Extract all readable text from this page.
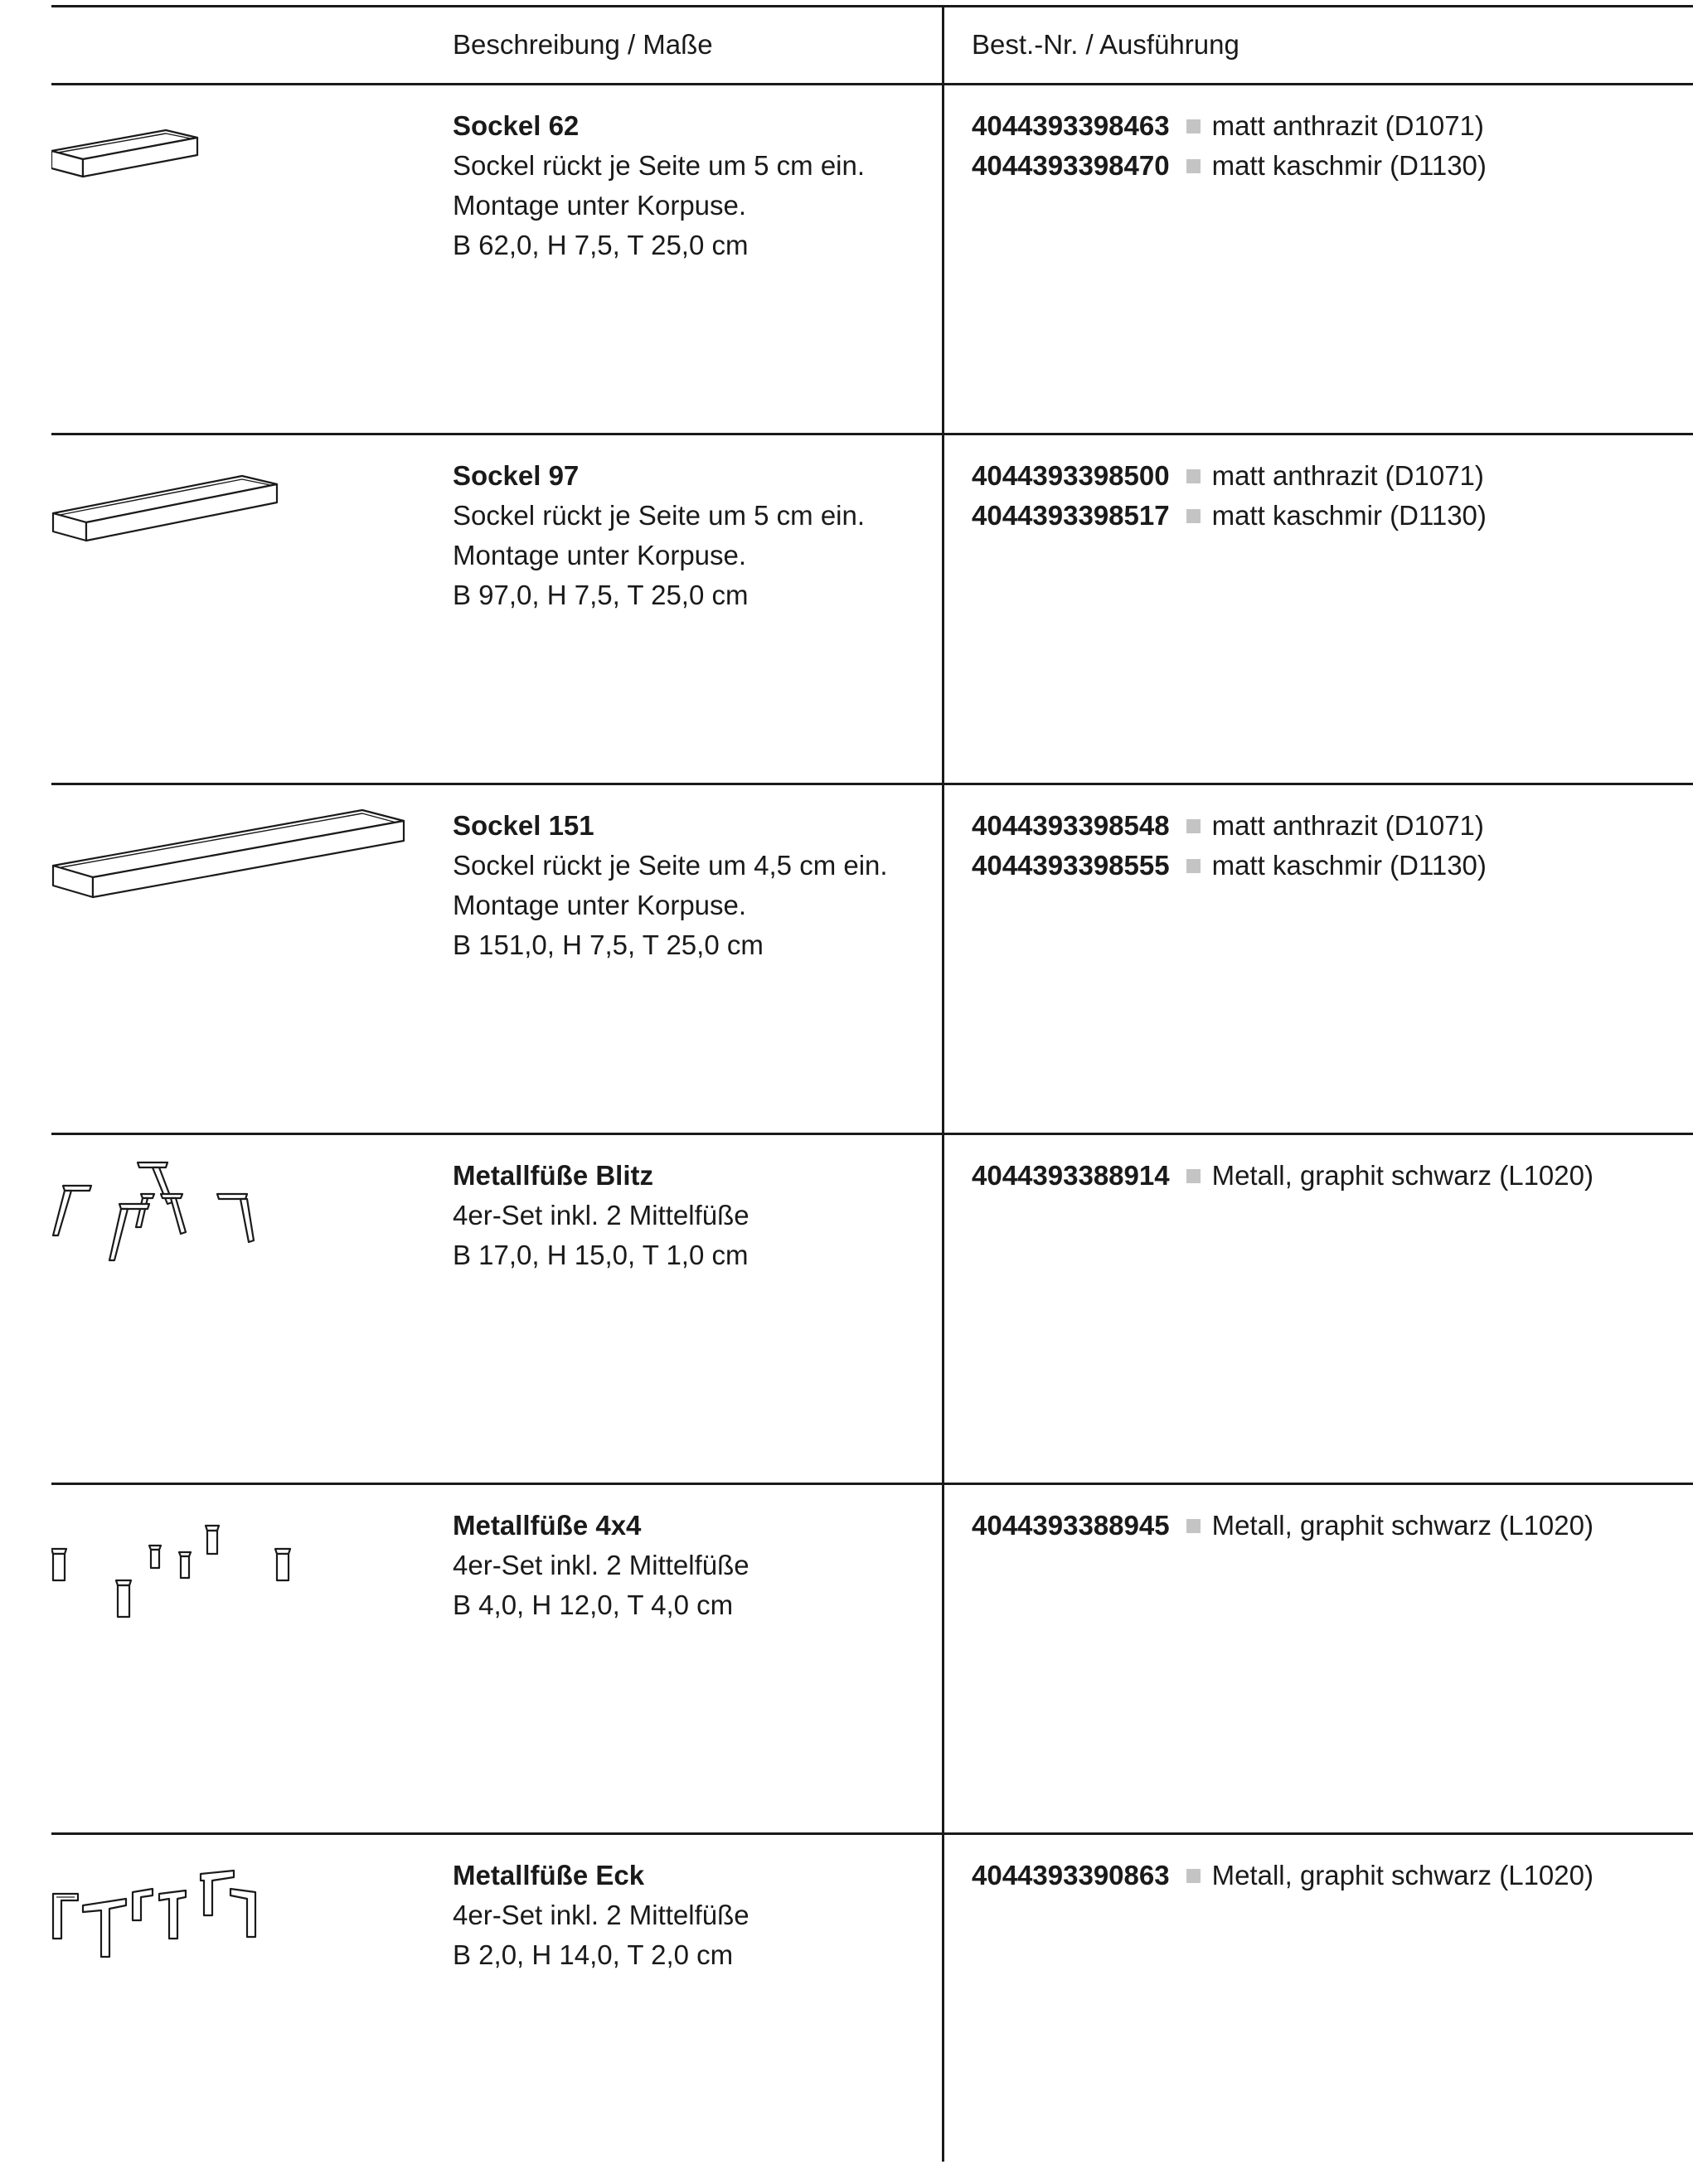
Beschreibung / Maße	Best.-Nr. / Ausführung
Sockel 62
Sockel rückt je Seite um 5 cm ein.
Montage unter Korpuse.
B 62,0, H 7,5, T 25,0 cm
4044393398463 matt anthrazit (D1071)
4044393398470 matt kaschmir (D1130)
Sockel 97
Sockel rückt je Seite um 5 cm ein.
Montage unter Korpuse.
B 97,0, H 7,5, T 25,0 cm
4044393398500 matt anthrazit (D1071)
4044393398517 matt kaschmir (D1130)
Sockel 151
Sockel rückt je Seite um 4,5 cm ein.
Montage unter Korpuse.
B 151,0, H 7,5, T 25,0 cm
4044393398548 matt anthrazit (D1071)
4044393398555 matt kaschmir (D1130)
Metallfüße Blitz
4er-Set inkl. 2 Mittelfüße
B 17,0, H 15,0, T 1,0 cm
4044393388914 Metall, graphit schwarz (L1020)
Metallfüße 4x4
4er-Set inkl. 2 Mittelfüße
B 4,0, H 12,0, T 4,0 cm
4044393388945 Metall, graphit schwarz (L1020)
Metallfüße Eck
4er-Set inkl. 2 Mittelfüße
B 2,0, H 14,0, T 2,0 cm
4044393390863 Metall, graphit schwarz (L1020)
